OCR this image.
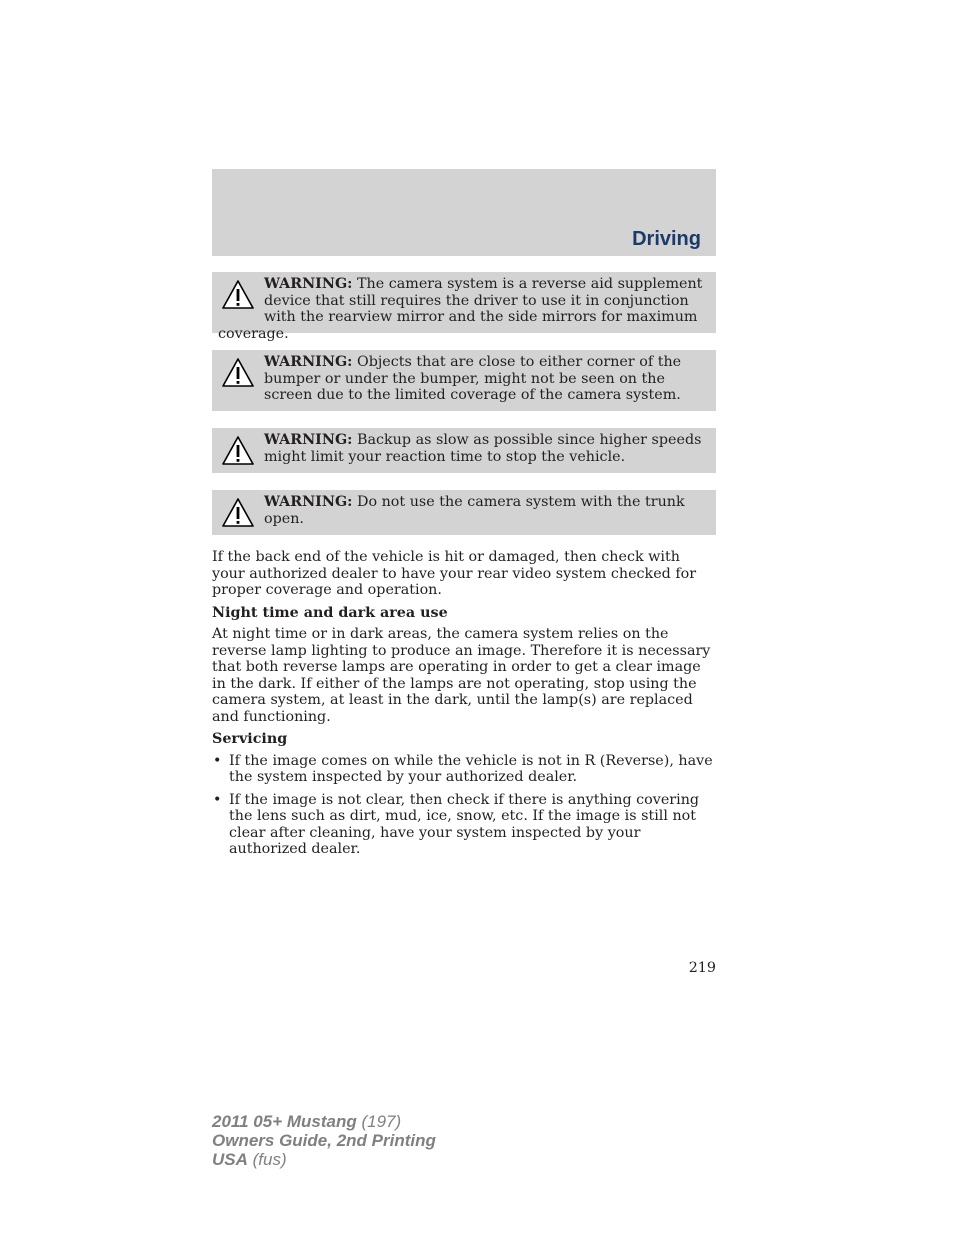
Driving
WARNING: The camera system is a reverse aid supplement device that still requires the driver to use it in conjunction with the rearview mirror and the side mirrors for maximum coverage.
WARNING: Objects that are close to either corner of the bumper or under the bumper, might not be seen on the screen due to the limited coverage of the camera system.
WARNING: Backup as slow as possible since higher speeds might limit your reaction time to stop the vehicle.
WARNING: Do not use the camera system with the trunk open.

If the back end of the vehicle is hit or damaged, then check with your authorized dealer to have your rear video system checked for proper coverage and operation.

Night time and dark area use

At night time or in dark areas, the camera system relies on the reverse lamp lighting to produce an image. Therefore it is necessary that both reverse lamps are operating in order to get a clear image in the dark. If either of the lamps are not operating, stop using the camera system, at least in the dark, until the lamp(s) are replaced and functioning.

Servicing

• If the image comes on while the vehicle is not in R (Reverse), have the system inspected by your authorized dealer.
• If the image is not clear, then check if there is anything covering the lens such as dirt, mud, ice, snow, etc. If the image is still not clear after cleaning, have your system inspected by your authorized dealer.
219
2011 05+ Mustang (197)
Owners Guide, 2nd Printing
USA (fus)
